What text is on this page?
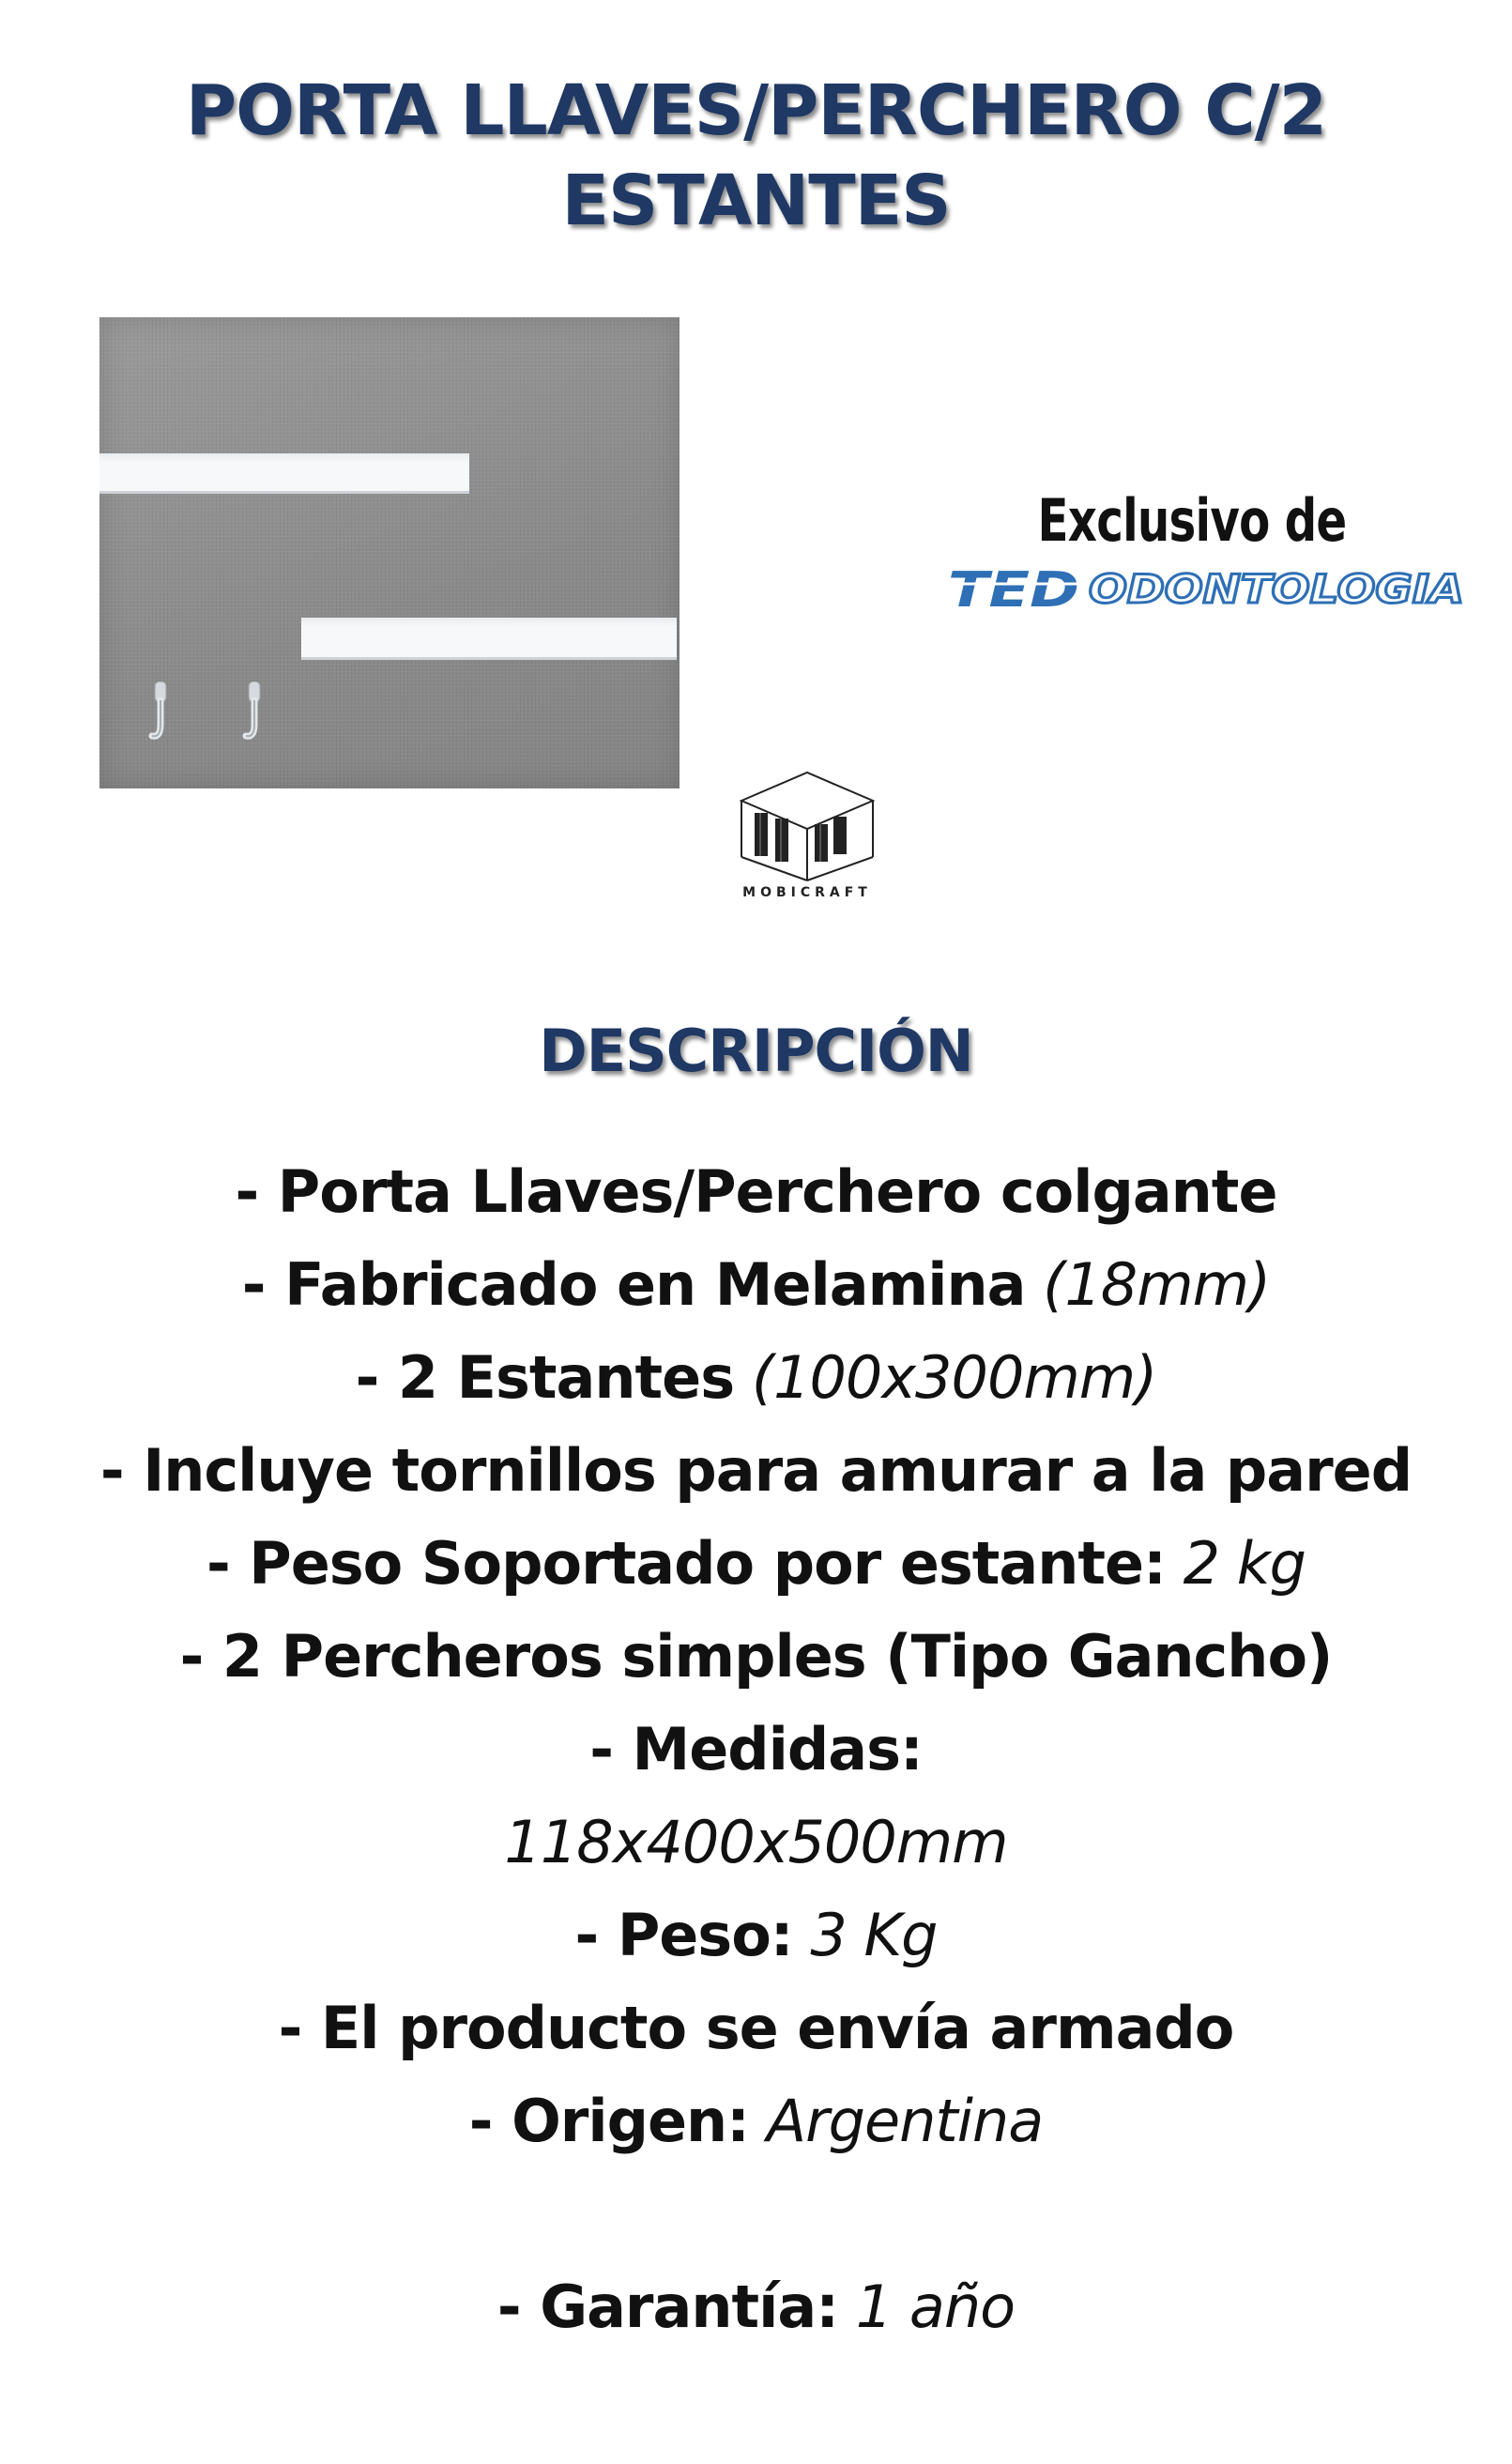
PORTA LLAVES/PERCHERO C/2
ESTANTES
Exclusivo de
TED ODONTOLOGIA
MOBICRAFT
DESCRIPCIÓN
- Porta Llaves/Perchero colgante
- Fabricado en Melamina (18mm)
- 2 Estantes (100x300mm)
- Incluye tornillos para amurar a la pared
- Peso Soportado por estante: 2 kg
- 2 Percheros simples (Tipo Gancho)
- Medidas:
118x400x500mm
- Peso: 3 Kg
- El producto se envía armado
- Origen: Argentina
- Garantía: 1 año
